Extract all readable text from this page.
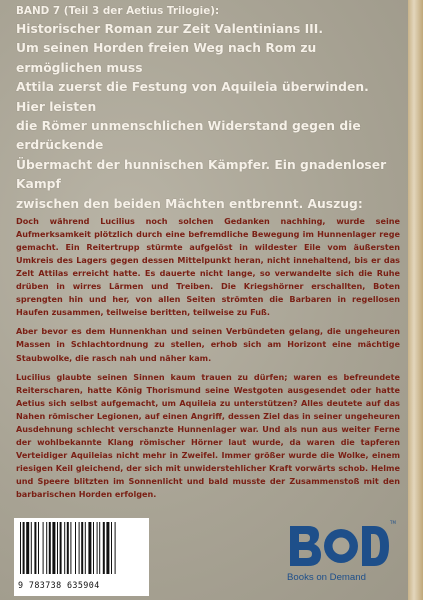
BAND 7 (Teil 3 der Aetius Trilogie):

Historischer Roman zur Zeit Valentinians III.

Um seinen Horden freien Weg nach Rom zu ermöglichen muss

Attila zuerst die Festung von Aquileia überwinden. Hier leisten

die Römer unmenschlichen Widerstand gegen die erdrückende

Übermacht der hunnischen Kämpfer. Ein gnadenloser Kampf

zwischen den beiden Mächten entbrennt. Auszug:

Doch während Lucilius noch solchen Gedanken nachhing, wurde seine Aufmerksamkeit plötzlich durch eine befremdliche Bewegung im Hunnenlager rege gemacht. Ein Reitertrupp stürmte aufgelöst in wildester Eile vom äußersten Umkreis des Lagers gegen dessen Mittelpunkt heran, nicht innehaltend, bis er das Zelt Attilas erreicht hatte. Es dauerte nicht lange, so verwandelte sich die Ruhe drüben in wirres Lärmen und Treiben. Die Kriegshörner erschallten, Boten sprengten hin und her, von allen Seiten strömten die Barbaren in regellosen Haufen zusammen, teilweise beritten, teilweise zu Fuß.

Aber bevor es dem Hunnenkhan und seinen Verbündeten gelang, die ungeheuren Massen in Schlachtordnung zu stellen, erhob sich am Horizont eine mächtige Staubwolke, die rasch nah und näher kam.

Lucilius glaubte seinen Sinnen kaum trauen zu dürfen; waren es befreundete Reiterscharen, hatte König Thorismund seine Westgoten ausgesendet oder hatte Aetius sich selbst aufgemacht, um Aquileia zu unterstützen? Alles deutete auf das Nahen römischer Legionen, auf einen Angriff, dessen Ziel das in seiner ungeheuren Ausdehnung schlecht verschanzte Hunnenlager war. Und als nun aus weiter Ferne der wohlbekannte Klang römischer Hörner laut wurde, da waren die tapferen Verteidiger Aquileias nicht mehr in Zweifel. Immer größer wurde die Wolke, einem riesigen Keil gleichend, der sich mit unwiderstehlicher Kraft vorwärts schob. Helme und Speere blitzten im Sonnenlicht und bald musste der Zusammenstoß mit den barbarischen Horden erfolgen.

9 783738 635904
TM
Books on Demand
